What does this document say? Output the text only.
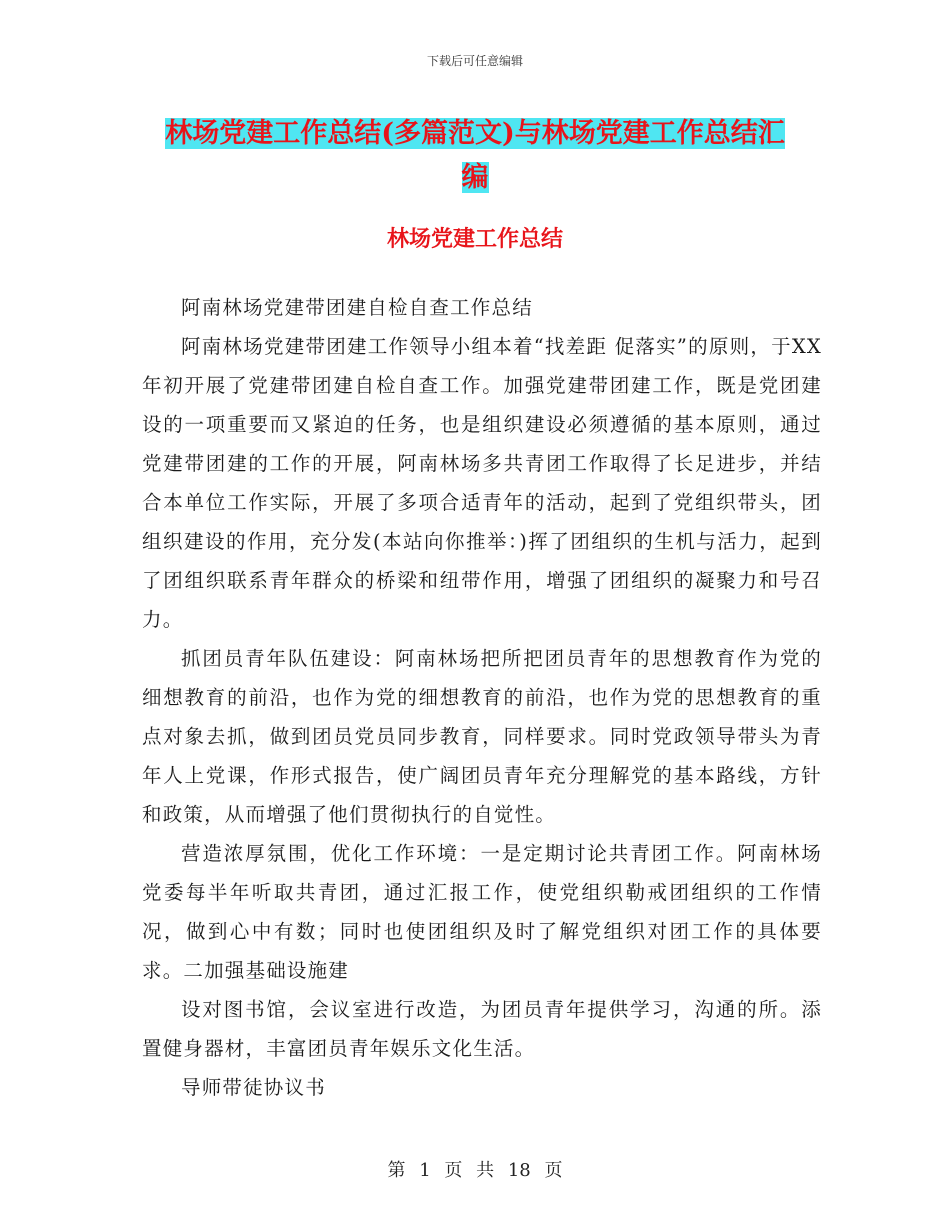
下载后可任意编辑
林场党建工作总结(多篇范文)与林场党建工作总结汇
编
林场党建工作总结

阿南林场党建带团建自检自查工作总结

阿南林场党建带团建工作领导小组本着“找差距 促落实”的原则，于XX年初开展了党建带团建自检自查工作。加强党建带团建工作，既是党团建设的一项重要而又紧迫的任务，也是组织建设必须遵循的基本原则，通过党建带团建的工作的开展，阿南林场多共青团工作取得了长足进步，并结合本单位工作实际，开展了多项合适青年的活动，起到了党组织带头，团组织建设的作用，充分发(本站向你推举：)挥了团组织的生机与活力，起到了团组织联系青年群众的桥梁和纽带作用，增强了团组织的凝聚力和号召力。

抓团员青年队伍建设：阿南林场把所把团员青年的思想教育作为党的细想教育的前沿，也作为党的细想教育的前沿，也作为党的思想教育的重点对象去抓，做到团员党员同步教育，同样要求。同时党政领导带头为青年人上党课，作形式报告，使广阔团员青年充分理解党的基本路线，方针和政策，从而增强了他们贯彻执行的自觉性。

营造浓厚氛围，优化工作环境：一是定期讨论共青团工作。阿南林场党委每半年听取共青团，通过汇报工作，使党组织勒戒团组织的工作情况，做到心中有数；同时也使团组织及时了解党组织对团工作的具体要求。二加强基础设施建

设对图书馆，会议室进行改造，为团员青年提供学习，沟通的所。添置健身器材，丰富团员青年娱乐文化生活。

导师带徒协议书

第 1 页 共 18 页
